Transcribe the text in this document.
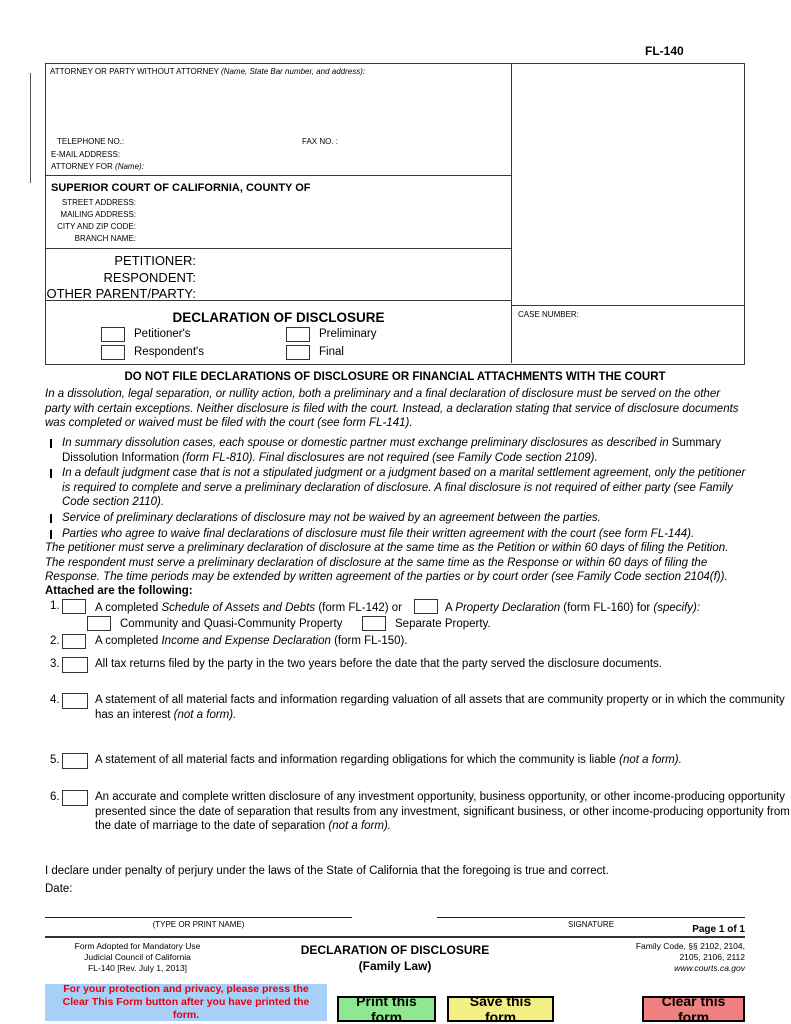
FL-140
ATTORNEY OR PARTY WITHOUT ATTORNEY (Name, State Bar number, and address):
TELEPHONE NO.:	FAX NO. :
E-MAIL ADDRESS:
ATTORNEY FOR (Name):
SUPERIOR COURT OF CALIFORNIA, COUNTY OF
STREET ADDRESS:
MAILING ADDRESS:
CITY AND ZIP CODE:
BRANCH NAME:
PETITIONER:
RESPONDENT:
OTHER PARENT/PARTY:
DECLARATION OF DISCLOSURE
Petitioner's	Preliminary
Respondent's	Final
CASE NUMBER:
DO NOT FILE DECLARATIONS OF DISCLOSURE OR FINANCIAL ATTACHMENTS WITH THE COURT
In a dissolution, legal separation, or nullity action, both a preliminary and a final declaration of disclosure must be served on the other party with certain exceptions. Neither disclosure is filed with the court. Instead, a declaration stating that service of disclosure documents was completed or waived must be filed with the court (see form FL-141).
In summary dissolution cases, each spouse or domestic partner must exchange preliminary disclosures as described in Summary Dissolution Information (form FL-810). Final disclosures are not required (see Family Code section 2109).
In a default judgment case that is not a stipulated judgment or a judgment based on a marital settlement agreement, only the petitioner is required to complete and serve a preliminary declaration of disclosure. A final disclosure is not required of either party (see Family Code section 2110).
Service of preliminary declarations of disclosure may not be waived by an agreement between the parties.
Parties who agree to waive final declarations of disclosure must file their written agreement with the court (see form FL-144).
The petitioner must serve a preliminary declaration of disclosure at the same time as the Petition or within 60 days of filing the Petition. The respondent must serve a preliminary declaration of disclosure at the same time as the Response or within 60 days of filing the Response. The time periods may be extended by written agreement of the parties or by court order (see Family Code section 2104(f)).
Attached are the following:
1.	A completed Schedule of Assets and Debts (form FL-142) or	A Property Declaration (form FL-160) for (specify):
Community and Quasi-Community Property	Separate Property.
2.	A completed Income and Expense Declaration (form FL-150).
3.	All tax returns filed by the party in the two years before the date that the party served the disclosure documents.
4.	A statement of all material facts and information regarding valuation of all assets that are community property or in which the community has an interest (not a form).
5.	A statement of all material facts and information regarding obligations for which the community is liable (not a form).
6.	An accurate and complete written disclosure of any investment opportunity, business opportunity, or other income-producing opportunity presented since the date of separation that results from any investment, significant business, or other income-producing opportunity from the date of marriage to the date of separation (not a form).
I declare under penalty of perjury under the laws of the State of California that the foregoing is true and correct.
Date:
(TYPE OR PRINT NAME)	SIGNATURE	Page 1 of 1
Form Adopted for Mandatory Use
Judicial Council of California
FL-140 [Rev. July 1, 2013]
DECLARATION OF DISCLOSURE
(Family Law)
Family Code, §§ 2102, 2104,
2105, 2106, 2112
www.courts.ca.gov
For your protection and privacy, please press the Clear This Form button after you have printed the form.
Print this form
Save this form
Clear this form
